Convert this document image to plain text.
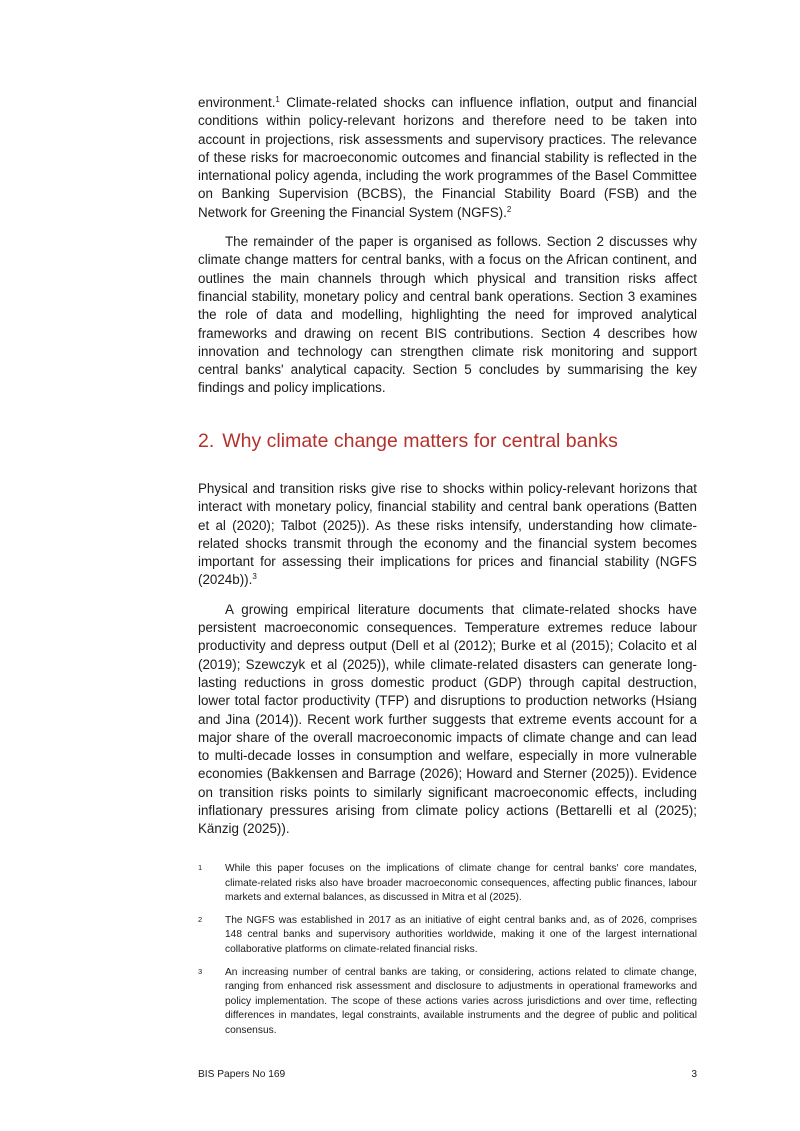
environment.$^1$ Climate-related shocks can influence inflation, output and financial conditions within policy-relevant horizons and therefore need to be taken into account in projections, risk assessments and supervisory practices. The relevance of these risks for macroeconomic outcomes and financial stability is reflected in the international policy agenda, including the work programmes of the Basel Committee on Banking Supervision (BCBS), the Financial Stability Board (FSB) and the Network for Greening the Financial System (NGFS).$^2$

The remainder of the paper is organised as follows. Section 2 discusses why climate change matters for central banks, with a focus on the African continent, and outlines the main channels through which physical and transition risks affect financial stability, monetary policy and central bank operations. Section 3 examines the role of data and modelling, highlighting the need for improved analytical frameworks and drawing on recent BIS contributions. Section 4 describes how innovation and technology can strengthen climate risk monitoring and support central banks' analytical capacity. Section 5 concludes by summarising the key findings and policy implications.

2. Why climate change matters for central banks

Physical and transition risks give rise to shocks within policy-relevant horizons that interact with monetary policy, financial stability and central bank operations (Batten et al (2020); Talbot (2025)). As these risks intensify, understanding how climate-related shocks transmit through the economy and the financial system becomes important for assessing their implications for prices and financial stability (NGFS (2024b)).$^3$

A growing empirical literature documents that climate-related shocks have persistent macroeconomic consequences. Temperature extremes reduce labour productivity and depress output (Dell et al (2012); Burke et al (2015); Colacito et al (2019); Szewczyk et al (2025)), while climate-related disasters can generate long-lasting reductions in gross domestic product (GDP) through capital destruction, lower total factor productivity (TFP) and disruptions to production networks (Hsiang and Jina (2014)). Recent work further suggests that extreme events account for a major share of the overall macroeconomic impacts of climate change and can lead to multi-decade losses in consumption and welfare, especially in more vulnerable economies (Bakkensen and Barrage (2026); Howard and Sterner (2025)). Evidence on transition risks points to similarly significant macroeconomic effects, including inflationary pressures arising from climate policy actions (Bettarelli et al (2025); Känzig (2025)).

1	While this paper focuses on the implications of climate change for central banks' core mandates, climate-related risks also have broader macroeconomic consequences, affecting public finances, labour markets and external balances, as discussed in Mitra et al (2025).
2	The NGFS was established in 2017 as an initiative of eight central banks and, as of 2026, comprises 148 central banks and supervisory authorities worldwide, making it one of the largest international collaborative platforms on climate-related financial risks.
3	An increasing number of central banks are taking, or considering, actions related to climate change, ranging from enhanced risk assessment and disclosure to adjustments in operational frameworks and policy implementation. The scope of these actions varies across jurisdictions and over time, reflecting differences in mandates, legal constraints, available instruments and the degree of public and political consensus.
BIS Papers No 169	3
